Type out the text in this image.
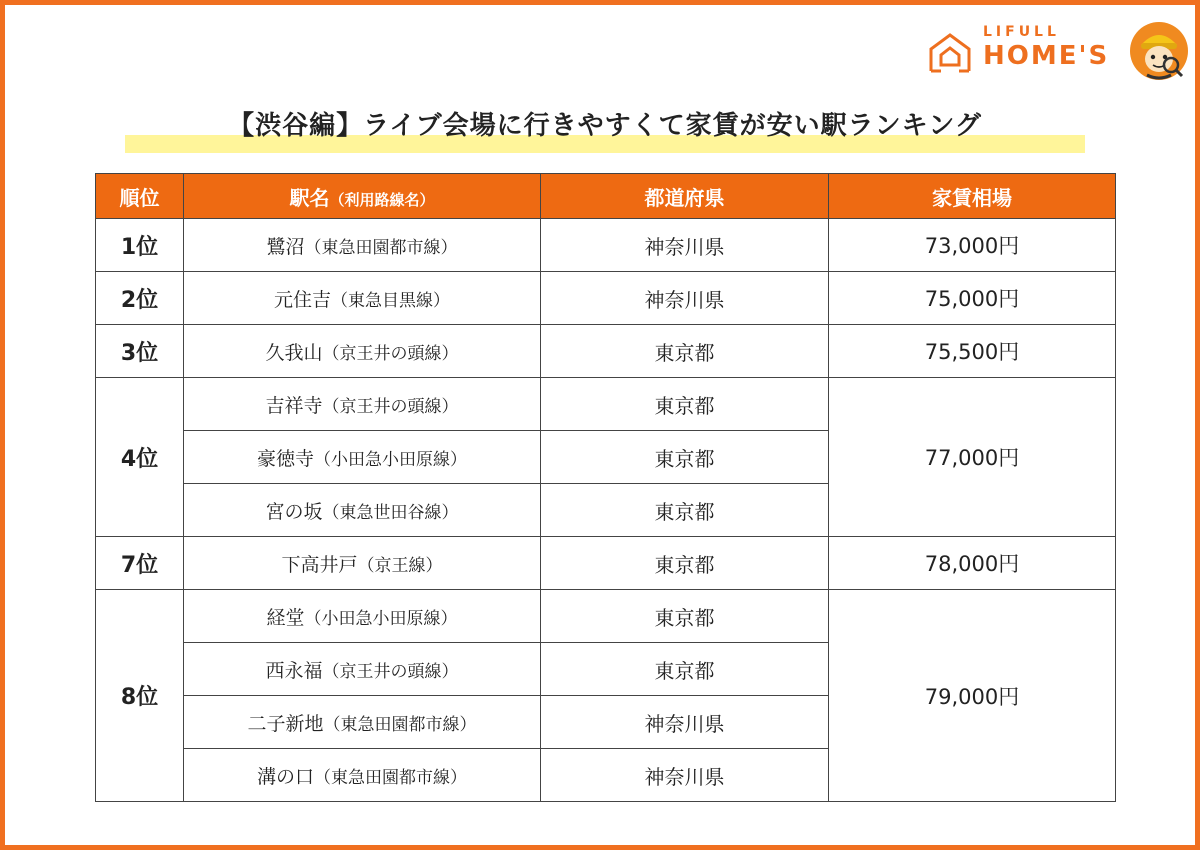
LIFULL
HOME'S
【渋谷編】ライブ会場に行きやすくて家賃が安い駅ランキング
順位	駅名（利用路線名）	都道府県	家賃相場
1位	鷺沼（東急田園都市線）	神奈川県	73,000円
2位	元住吉（東急目黒線）	神奈川県	75,000円
3位	久我山（京王井の頭線）	東京都	75,500円
4位	吉祥寺（京王井の頭線）	東京都	77,000円
	豪徳寺（小田急小田原線）	東京都	
	宮の坂（東急世田谷線）	東京都	
7位	下高井戸（京王線）	東京都	78,000円
8位	経堂（小田急小田原線）	東京都	79,000円
	西永福（京王井の頭線）	東京都	
	二子新地（東急田園都市線）	神奈川県	
	溝の口（東急田園都市線）	神奈川県	
